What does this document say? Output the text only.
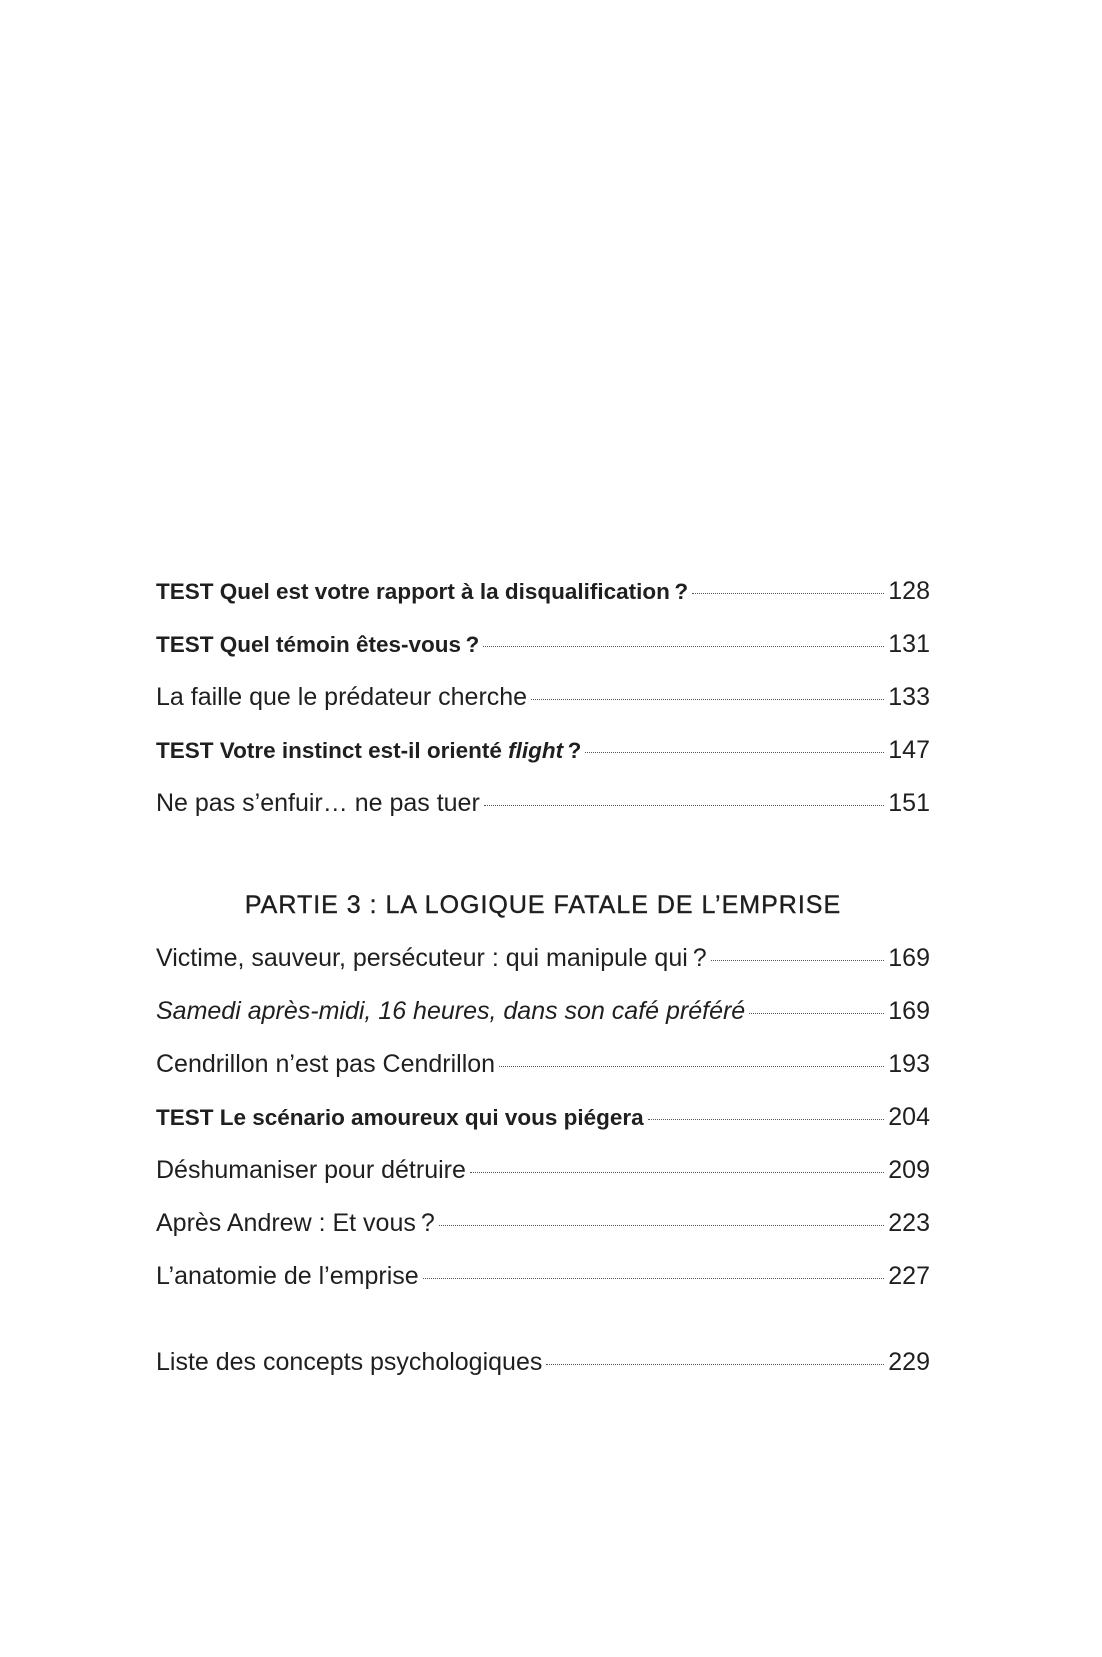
TEST Quel est votre rapport à la disqualification ?	128
TEST Quel témoin êtes-vous ?	131
La faille que le prédateur cherche	133
TEST Votre instinct est-il orienté flight ?	147
Ne pas s’enfuir… ne pas tuer	151
PARTIE 3 : LA LOGIQUE FATALE DE L’EMPRISE
Victime, sauveur, persécuteur : qui manipule qui ?	169
Samedi après-midi, 16 heures, dans son café préféré	169
Cendrillon n’est pas Cendrillon	193
TEST Le scénario amoureux qui vous piégera	204
Déshumaniser pour détruire	209
Après Andrew : Et vous ?	223
L’anatomie de l’emprise	227
Liste des concepts psychologiques	229
